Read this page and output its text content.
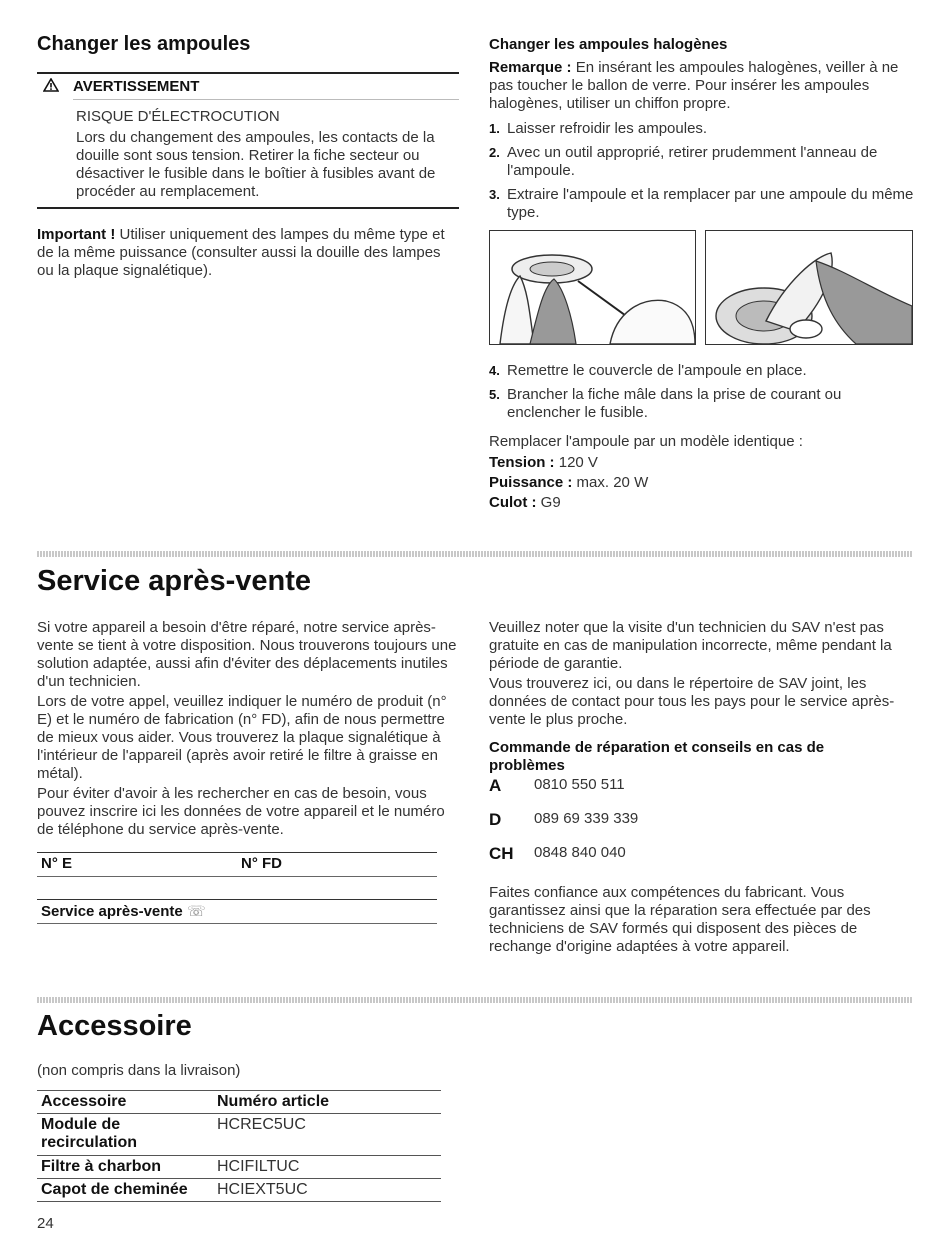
Changer les ampoules
AVERTISSEMENT
RISQUE D'ÉLECTROCUTION
Lors du changement des ampoules, les contacts de la douille sont sous tension. Retirer la fiche secteur ou désactiver le fusible dans le boîtier à fusibles avant de procéder au remplacement.
Important ! Utiliser uniquement des lampes du même type et de la même puissance (consulter aussi la douille des lampes ou la plaque signalétique).
Changer les ampoules halogènes
Remarque : En insérant les ampoules halogènes, veiller à ne pas toucher le ballon de verre. Pour insérer les ampoules halogènes, utiliser un chiffon propre.
1. Laisser refroidir les ampoules.
2. Avec un outil approprié, retirer prudemment l'anneau de l'ampoule.
3. Extraire l'ampoule et la remplacer par une ampoule du même type.
4. Remettre le couvercle de l'ampoule en place.
5. Brancher la fiche mâle dans la prise de courant ou enclencher le fusible.
Remplacer l'ampoule par un modèle identique :
Tension : 120 V
Puissance : max. 20 W
Culot : G9
Service après-vente
Si votre appareil a besoin d'être réparé, notre service après-vente se tient à votre disposition. Nous trouverons toujours une solution adaptée, aussi afin d'éviter des déplacements inutiles d'un technicien.
Lors de votre appel, veuillez indiquer le numéro de produit (n° E) et le numéro de fabrication (n° FD), afin de nous permettre de mieux vous aider. Vous trouverez la plaque signalétique à l'intérieur de l'appareil (après avoir retiré le filtre à graisse en métal).
Pour éviter d'avoir à les rechercher en cas de besoin, vous pouvez inscrire ici les données de votre appareil et le numéro de téléphone du service après-vente.
N° E	N° FD
Service après-vente ☏
Veuillez noter que la visite d'un technicien du SAV n'est pas gratuite en cas de manipulation incorrecte, même pendant la période de garantie.
Vous trouverez ici, ou dans le répertoire de SAV joint, les données de contact pour tous les pays pour le service après-vente le plus proche.
Commande de réparation et conseils en cas de problèmes
A	0810 550 511
D	089 69 339 339
CH	0848 840 040
Faites confiance aux compétences du fabricant. Vous garantissez ainsi que la réparation sera effectuée par des techniciens de SAV formés qui disposent des pièces de rechange d'origine adaptées à votre appareil.
Accessoire
(non compris dans la livraison)
Accessoire	Numéro article
Module de recirculation	HCREC5UC
Filtre à charbon	HCIFILTUC
Capot de cheminée	HCIEXT5UC
24
